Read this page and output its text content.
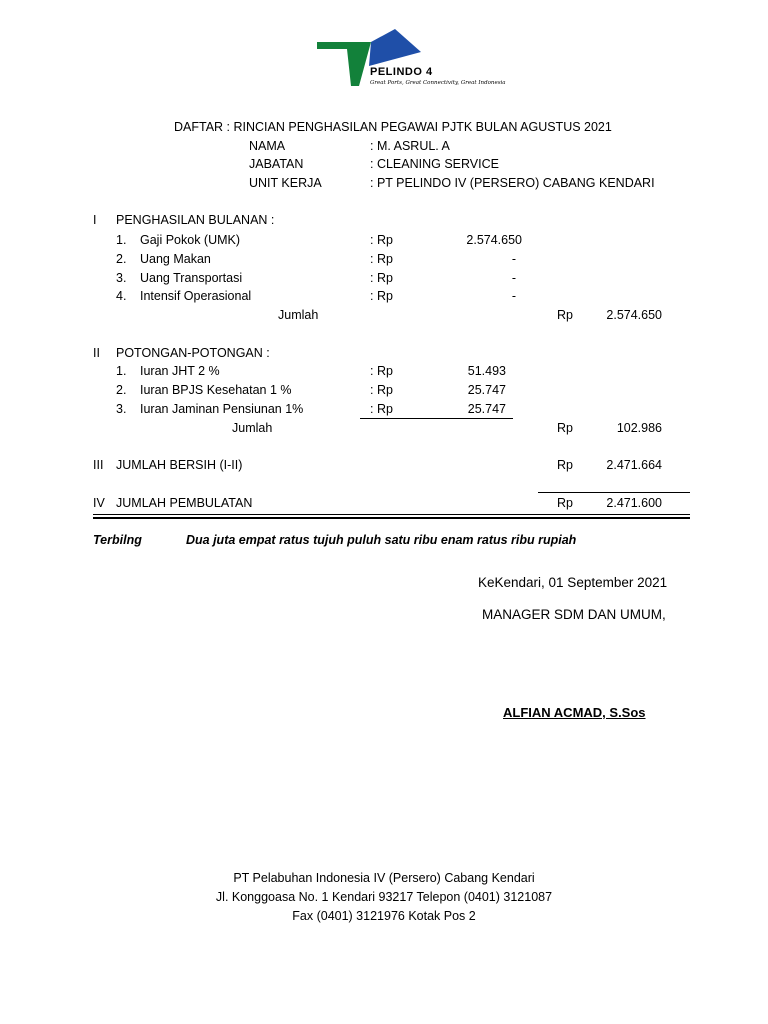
PELINDO 4
Great Ports, Great Connectivity, Great Indonesia
DAFTAR : RINCIAN PENGHASILAN PEGAWAI PJTK BULAN AGUSTUS 2021
NAMA	: M. ASRUL. A
JABATAN	: CLEANING SERVICE
UNIT KERJA	: PT PELINDO IV (PERSERO) CABANG KENDARI
I PENGHASILAN BULANAN :
1. Gaji Pokok (UMK)	: Rp	2.574.650
2. Uang Makan	: Rp	-
3. Uang Transportasi	: Rp	-
4. Intensif Operasional	: Rp	-
Jumlah	Rp	2.574.650
II POTONGAN-POTONGAN :
1. Iuran JHT 2 %	: Rp	51.493
2. Iuran BPJS Kesehatan 1 %	: Rp	25.747
3. Iuran Jaminan Pensiunan 1%	: Rp	25.747
Jumlah	Rp	102.986
III JUMLAH BERSIH (I-II)	Rp	2.471.664
IV JUMLAH PEMBULATAN	Rp	2.471.600
Terbilng	Dua juta empat ratus tujuh puluh satu ribu enam ratus ribu rupiah
KeKendari, 01 September 2021
MANAGER SDM DAN UMUM,
ALFIAN ACMAD, S.Sos
PT Pelabuhan Indonesia IV (Persero) Cabang Kendari
Jl. Konggoasa No. 1 Kendari 93217 Telepon (0401) 3121087
Fax (0401) 3121976 Kotak Pos 2
